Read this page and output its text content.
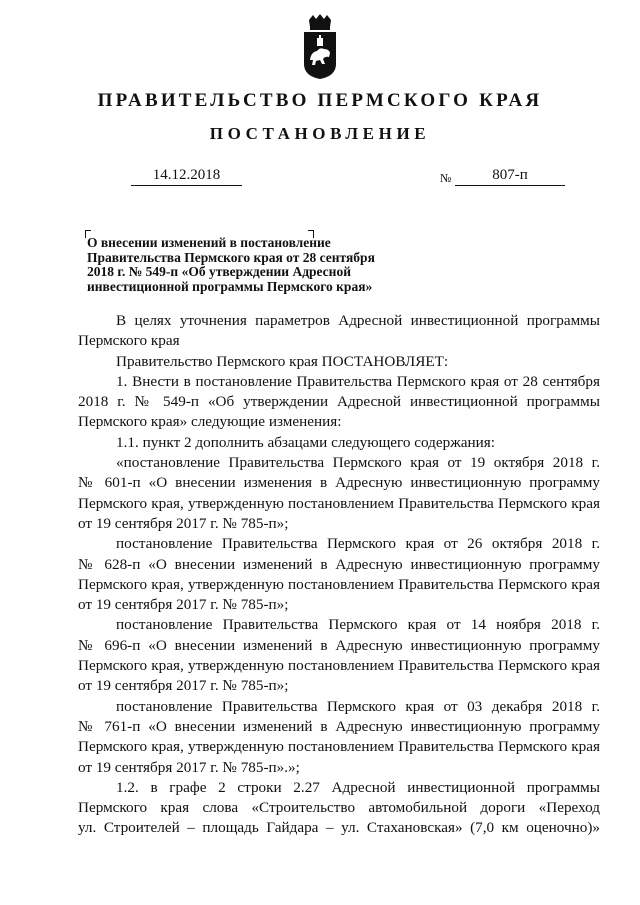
ПРАВИТЕЛЬСТВО ПЕРМСКОГО КРАЯ
ПОСТАНОВЛЕНИЕ
14.12.2018	№	807-п
О внесении изменений в постановление
Правительства Пермского края от 28 сентября
2018 г. № 549-п «Об утверждении Адресной
инвестиционной программы Пермского края»
В целях уточнения параметров Адресной инвестиционной программы
Пермского края
Правительство Пермского края ПОСТАНОВЛЯЕТ:
1. Внести в постановление Правительства Пермского края от 28 сентября
2018 г. № 549-п «Об утверждении Адресной инвестиционной программы
Пермского края» следующие изменения:
1.1. пункт 2 дополнить абзацами следующего содержания:
«постановление Правительства Пермского края от 19 октября 2018 г.
№ 601-п «О внесении изменения в Адресную инвестиционную программу
Пермского края, утвержденную постановлением Правительства Пермского края
от 19 сентября 2017 г. № 785-п»;
постановление Правительства Пермского края от 26 октября 2018 г.
№ 628-п «О внесении изменений в Адресную инвестиционную программу
Пермского края, утвержденную постановлением Правительства Пермского края
от 19 сентября 2017 г. № 785-п»;
постановление Правительства Пермского края от 14 ноября 2018 г.
№ 696-п «О внесении изменений в Адресную инвестиционную программу
Пермского края, утвержденную постановлением Правительства Пермского края
от 19 сентября 2017 г. № 785-п»;
постановление Правительства Пермского края от 03 декабря 2018 г.
№ 761-п «О внесении изменений в Адресную инвестиционную программу
Пермского края, утвержденную постановлением Правительства Пермского края
от 19 сентября 2017 г. № 785-п».»;
1.2. в графе 2 строки 2.27 Адресной инвестиционной программы
Пермского края слова «Строительство автомобильной дороги «Переход
ул. Строителей – площадь Гайдара – ул. Стахановская» (7,0 км оценочно)»
